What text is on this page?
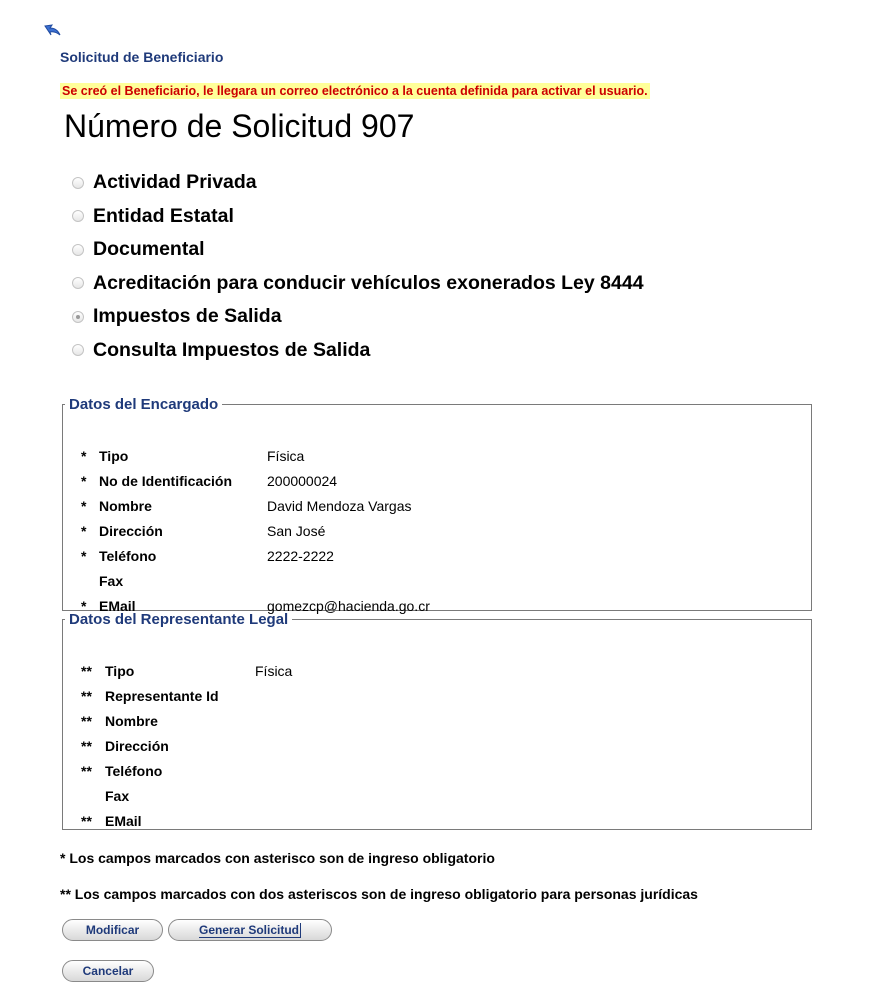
Solicitud de Beneficiario
Se creó el Beneficiario, le llegara un correo electrónico a la cuenta definida para activar el usuario.
Número de Solicitud 907
Actividad Privada
Entidad Estatal
Documental
Acreditación para conducir vehículos exonerados Ley 8444
Impuestos de Salida
Consulta Impuestos de Salida
Datos del Encargado
* Tipo	Física
* No de Identificación	200000024
* Nombre	David Mendoza Vargas
* Dirección	San José
* Teléfono	2222-2222
Fax
* EMail	gomezcp@hacienda.go.cr
Datos del Representante Legal
** Tipo	Física
** Representante Id
** Nombre
** Dirección
** Teléfono
Fax
** EMail
* Los campos marcados con asterisco son de ingreso obligatorio
** Los campos marcados con dos asteriscos son de ingreso obligatorio para personas jurídicas
Modificar	Generar Solicitud
Cancelar
